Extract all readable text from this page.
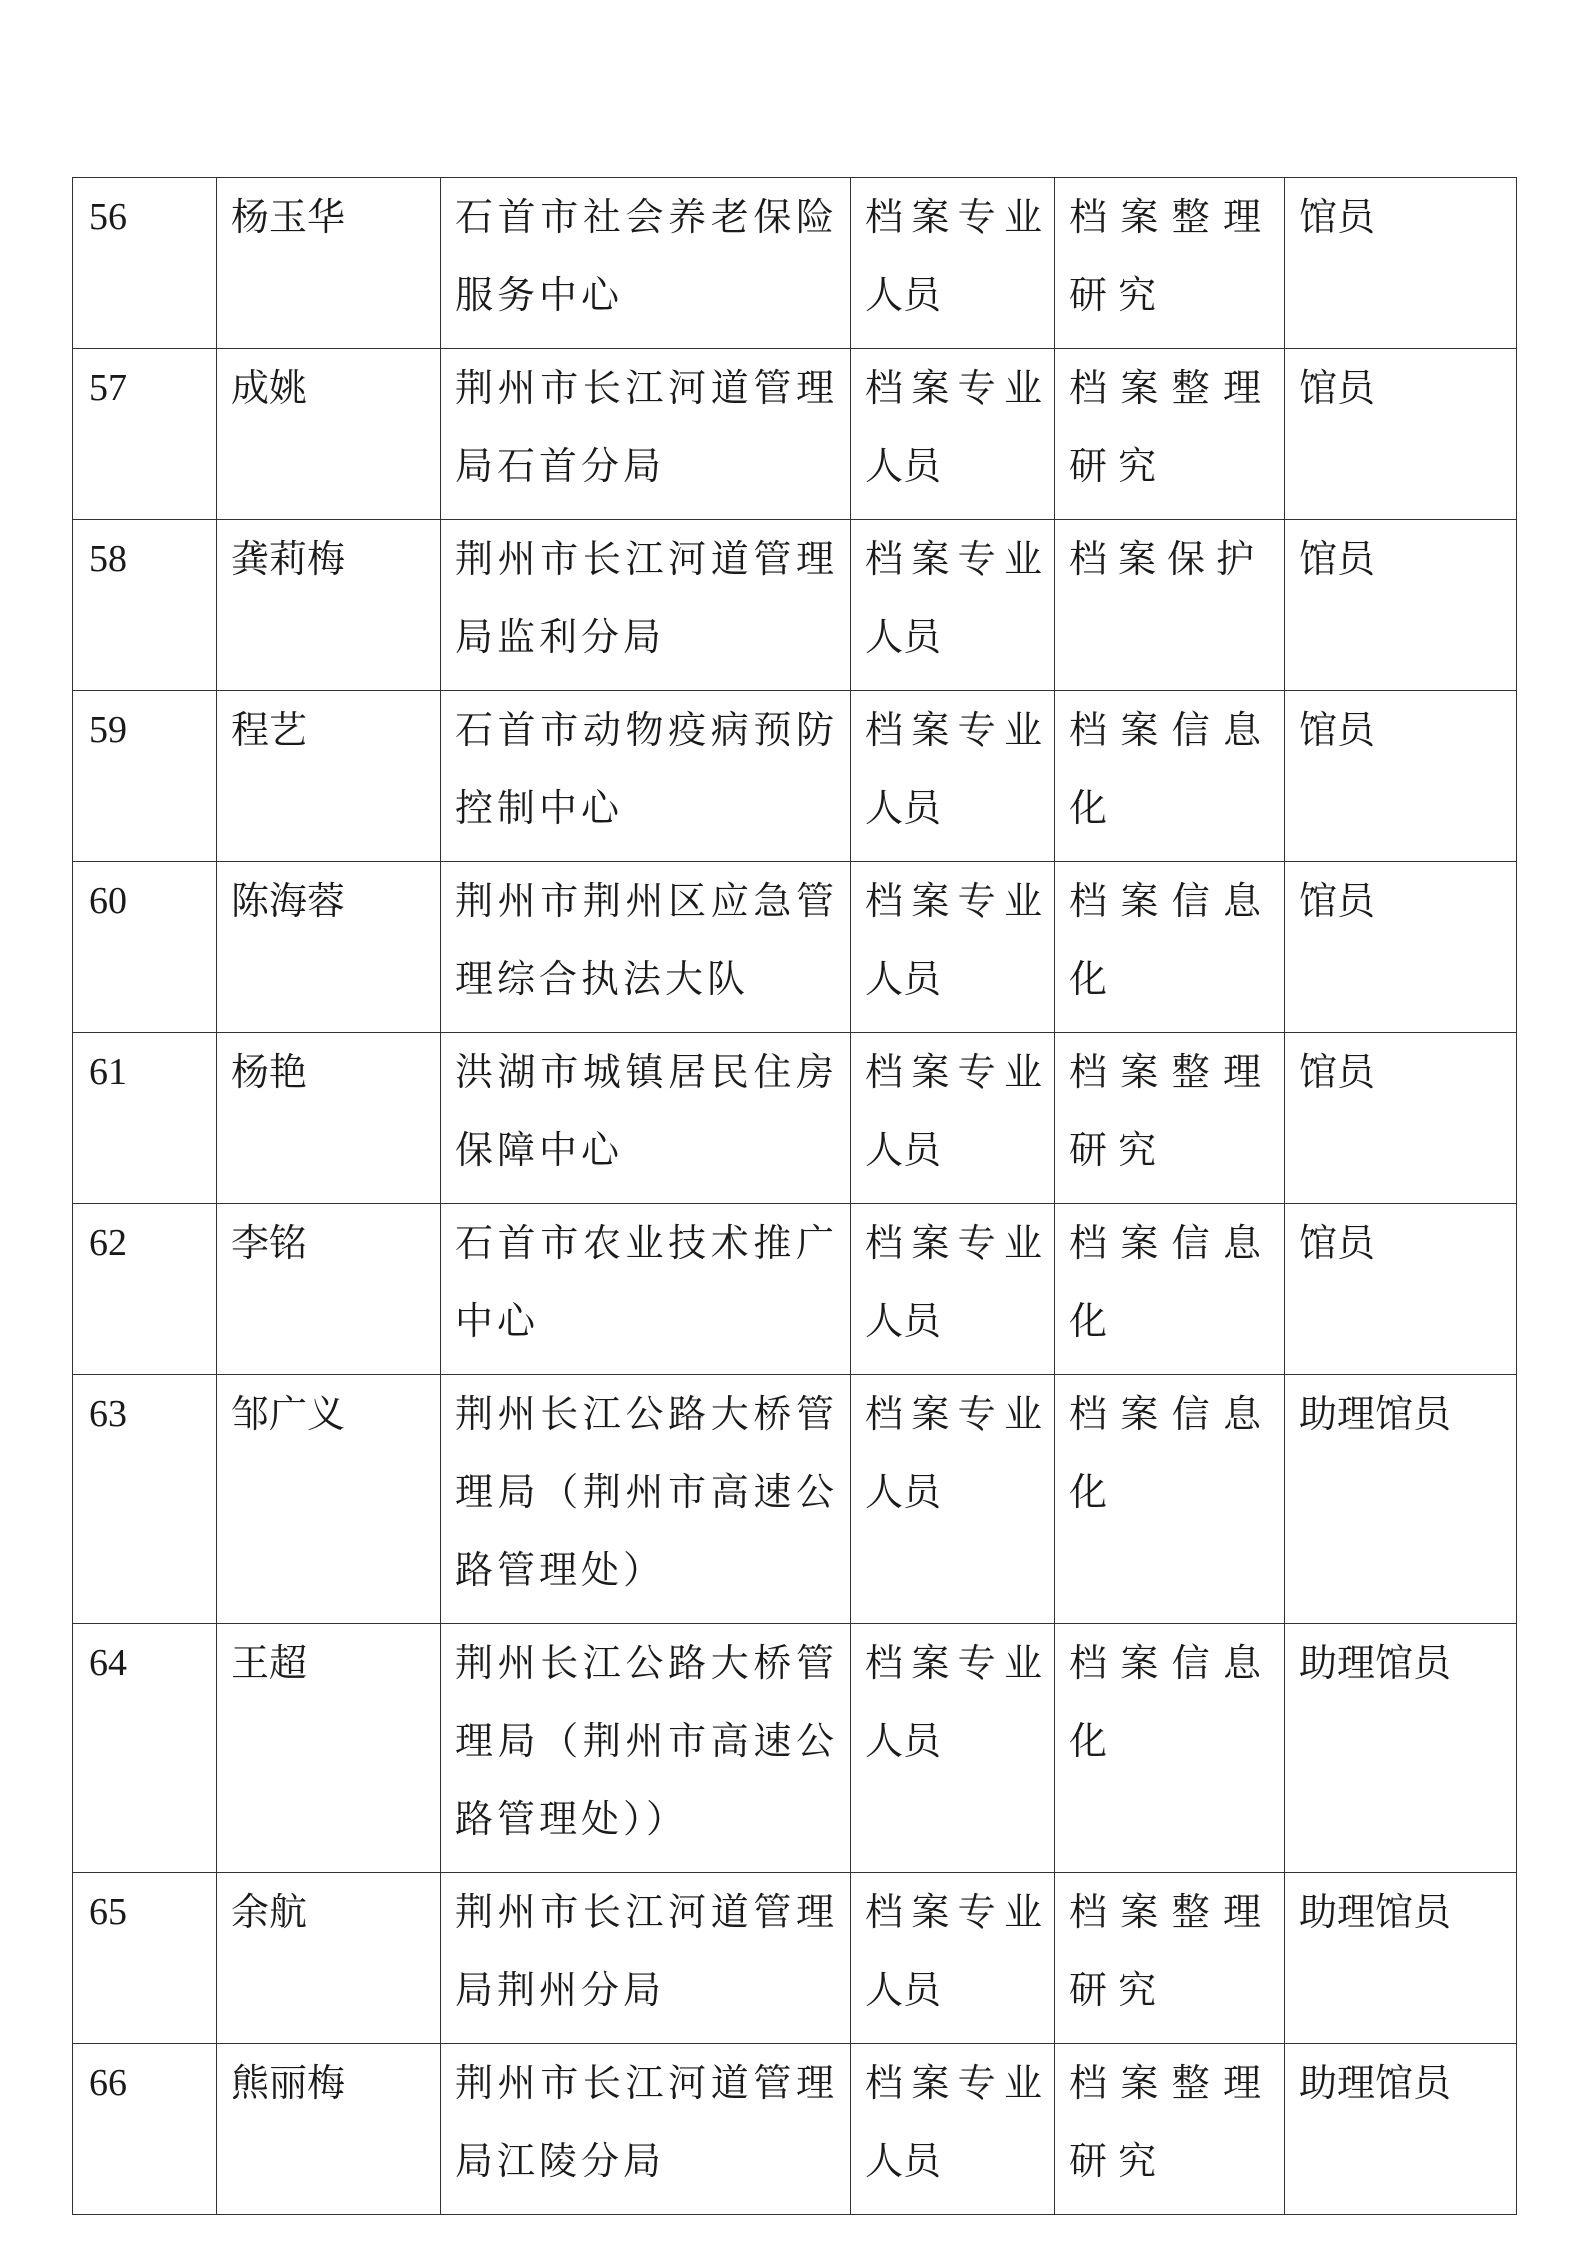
56	杨玉华	石首市社会养老保险服务中心	档案专业人员	档案整理研究	馆员

57	成姚	荆州市长江河道管理局石首分局	档案专业人员	档案整理研究	馆员

58	龚莉梅	荆州市长江河道管理局监利分局	档案专业人员	档案保护	馆员

59	程艺	石首市动物疫病预防控制中心	档案专业人员	档案信息化	馆员

60	陈海蓉	荆州市荆州区应急管理综合执法大队	档案专业人员	档案信息化	馆员

61	杨艳	洪湖市城镇居民住房保障中心	档案专业人员	档案整理研究	馆员

62	李铭	石首市农业技术推广中心	档案专业人员	档案信息化	馆员

63	邹广义	荆州长江公路大桥管理局（荆州市高速公路管理处）	档案专业人员	档案信息化	助理馆员

64	王超	荆州长江公路大桥管理局（荆州市高速公路管理处））	档案专业人员	档案信息化	助理馆员

65	余航	荆州市长江河道管理局荆州分局	档案专业人员	档案整理研究	助理馆员

66	熊丽梅	荆州市长江河道管理局江陵分局	档案专业人员	档案整理研究	助理馆员
